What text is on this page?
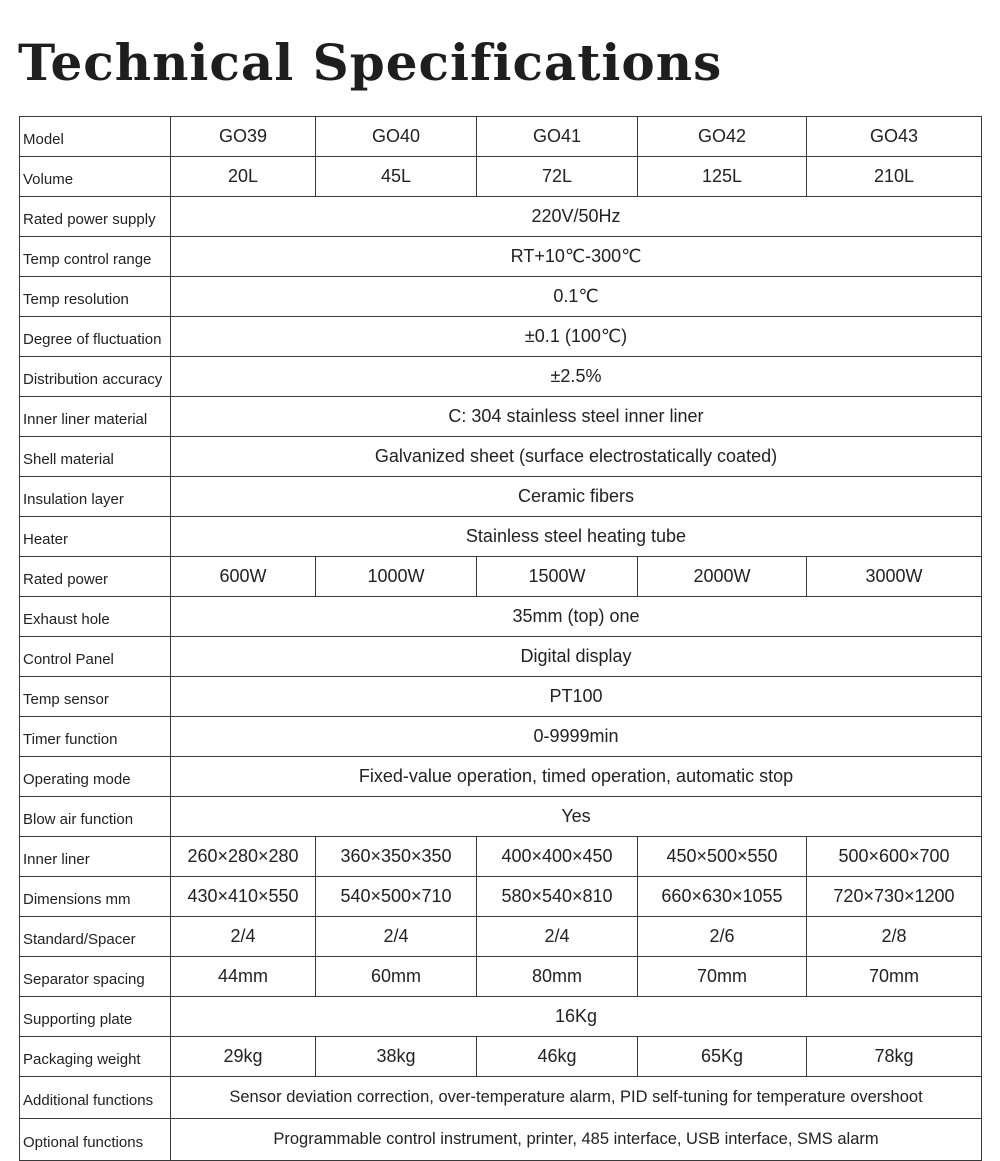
Technical Specifications
Model	GO39	GO40	GO41	GO42	GO43
Volume	20L	45L	72L	125L	210L
Rated power supply	220V/50Hz				
Temp control range	RT+10℃-300℃				
Temp resolution	0.1℃				
Degree of fluctuation	±0.1 (100℃)				
Distribution accuracy	±2.5%				
Inner liner material	C: 304 stainless steel inner liner				
Shell material	Galvanized sheet (surface electrostatically coated)				
Insulation layer	Ceramic fibers				
Heater	Stainless steel heating tube				
Rated power	600W	1000W	1500W	2000W	3000W
Exhaust hole	35mm (top) one				
Control Panel	Digital display				
Temp sensor	PT100				
Timer function	0-9999min				
Operating mode	Fixed-value operation, timed operation, automatic stop				
Blow air function	Yes				
Inner liner	260×280×280	360×350×350	400×400×450	450×500×550	500×600×700
Dimensions mm	430×410×550	540×500×710	580×540×810	660×630×1055	720×730×1200
Standard/Spacer	2/4	2/4	2/4	2/6	2/8
Separator spacing	44mm	60mm	80mm	70mm	70mm
Supporting plate	16Kg				
Packaging weight	29kg	38kg	46kg	65Kg	78kg
Additional functions	Sensor deviation correction, over-temperature alarm, PID self-tuning for temperature overshoot				
Optional functions	Programmable control instrument, printer, 485 interface, USB interface, SMS alarm				
